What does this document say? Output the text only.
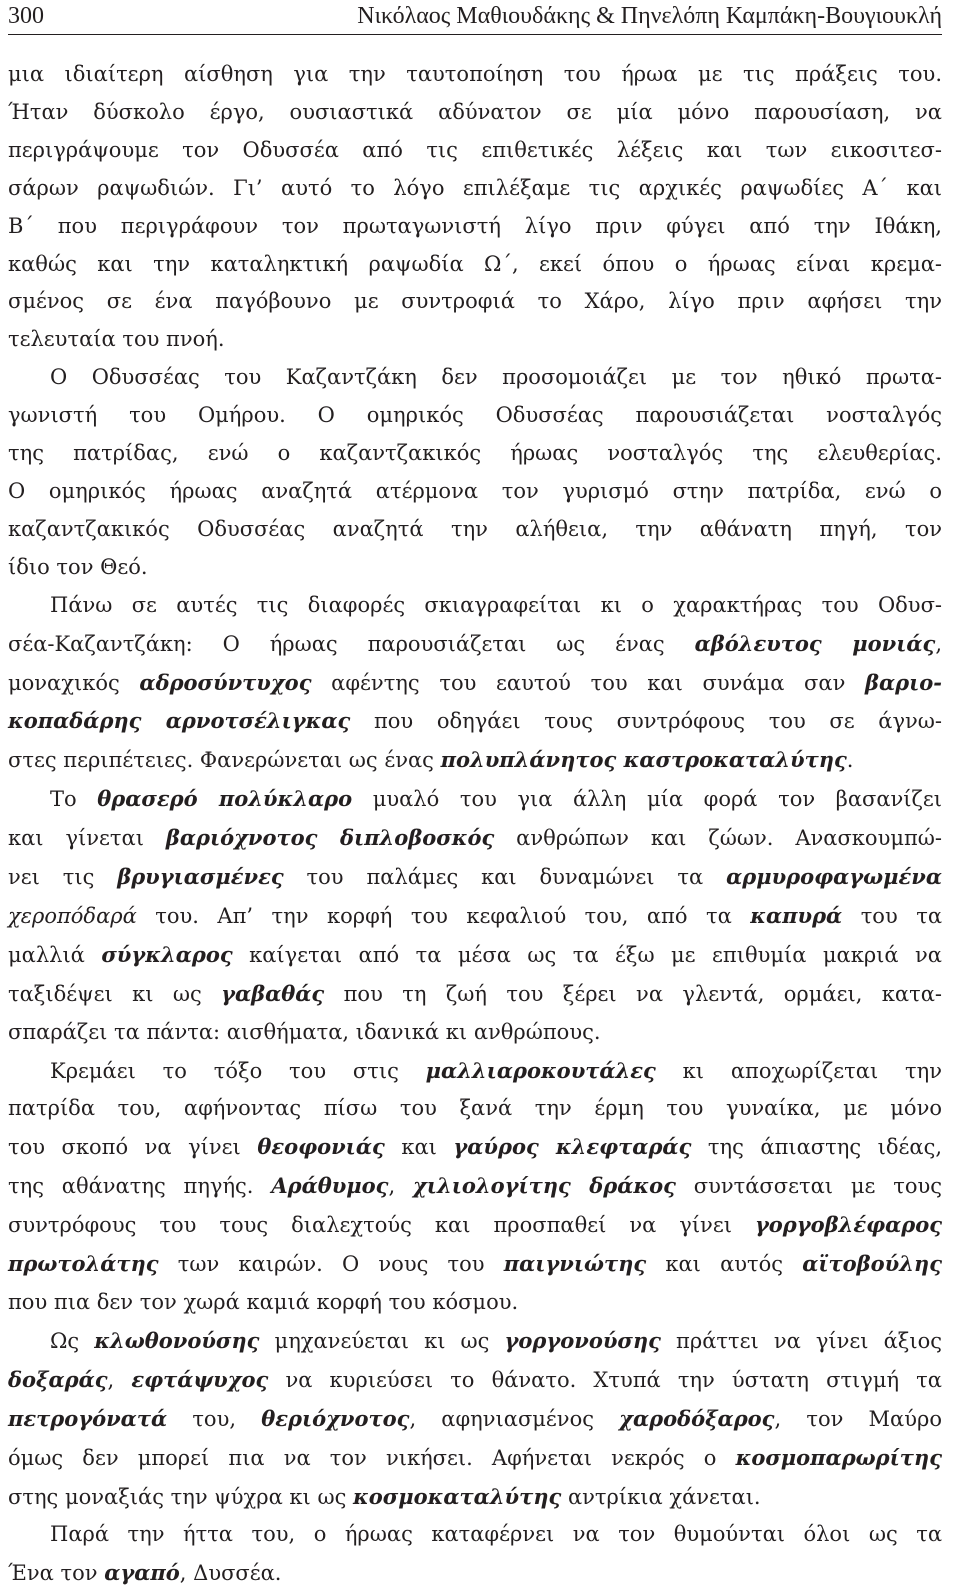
300	Νικόλαος Μαθιουδάκης & Πηνελόπη Καμπάκη-Βουγιουκλή

μια ιδιαίτερη αίσθηση για την ταυτοποίηση του ήρωα με τις πράξεις του.
Ήταν δύσκολο έργο, ουσιαστικά αδύνατον σε μία μόνο παρουσίαση, να
περιγράψουμε τον Οδυσσέα από τις επιθετικές λέξεις και των εικοσιτεσ-
σάρων ραψωδιών. Γι’ αυτό το λόγο επιλέξαμε τις αρχικές ραψωδίες Α΄ και
Β΄ που περιγράφουν τον πρωταγωνιστή λίγο πριν φύγει από την Ιθάκη,
καθώς και την καταληκτική ραψωδία Ω΄, εκεί όπου ο ήρωας είναι κρεμα-
σμένος σε ένα παγόβουνο με συντροφιά το Χάρο, λίγο πριν αφήσει την
τελευταία του πνοή.

Ο Οδυσσέας του Καζαντζάκη δεν προσομοιάζει με τον ηθικό πρωτα-
γωνιστή του Ομήρου. Ο ομηρικός Οδυσσέας παρουσιάζεται νοσταλγός
της πατρίδας, ενώ ο καζαντζακικός ήρωας νοσταλγός της ελευθερίας.
Ο ομηρικός ήρωας αναζητά ατέρμονα τον γυρισμό στην πατρίδα, ενώ ο
καζαντζακικός Οδυσσέας αναζητά την αλήθεια, την αθάνατη πηγή, τον
ίδιο τον Θεό.

Πάνω σε αυτές τις διαφορές σκιαγραφείται κι ο χαρακτήρας του Οδυσ-
σέα-Καζαντζάκη: Ο ήρωας παρουσιάζεται ως ένας αβόλευτος μονιάς,
μοναχικός αδροσύντυχος αφέντης του εαυτού του και συνάμα σαν βαριο-
κοπαδάρης αρνοτσέλιγκας που οδηγάει τους συντρόφους του σε άγνω-
στες περιπέτειες. Φανερώνεται ως ένας πολυπλάνητος καστροκαταλύτης.

Το θρασερό πολύκλαρο μυαλό του για άλλη μία φορά τον βασανίζει
και γίνεται βαριόχνοτος διπλοβοσκός ανθρώπων και ζώων. Ανασκουμπώ-
νει τις βρυγιασμένες του παλάμες και δυναμώνει τα αρμυροφαγωμένα
χεροπόδαρά του. Απ’ την κορφή του κεφαλιού του, από τα καπυρά του τα
μαλλιά σύγκλαρος καίγεται από τα μέσα ως τα έξω με επιθυμία μακριά να
ταξιδέψει κι ως γαβαθάς που τη ζωή του ξέρει να γλεντά, ορμάει, κατα-
σπαράζει τα πάντα: αισθήματα, ιδανικά κι ανθρώπους.

Κρεμάει το τόξο του στις μαλλιαροκουτάλες κι αποχωρίζεται την
πατρίδα του, αφήνοντας πίσω του ξανά την έρμη του γυναίκα, με μόνο
του σκοπό να γίνει θεοφονιάς και γαύρος κλεφταράς της άπιαστης ιδέας,
της αθάνατης πηγής. Αράθυμος, χιλιολογίτης δράκος συντάσσεται με τους
συντρόφους του τους διαλεχτούς και προσπαθεί να γίνει γοργοβλέφαρος
πρωτολάτης των καιρών. Ο νους του παιγνιώτης και αυτός αϊτοβούλης
που πια δεν τον χωρά καμιά κορφή του κόσμου.

Ως κλωθονούσης μηχανεύεται κι ως γοργονούσης πράττει να γίνει άξιος
δοξαράς, εφτάψυχος να κυριεύσει το θάνατο. Χτυπά την ύστατη στιγμή τα
πετρογόνατά του, θεριόχνοτος, αφηνιασμένος χαροδόξαρος, τον Μαύρο
όμως δεν μπορεί πια να τον νικήσει. Αφήνεται νεκρός ο κοσμοπαρωρίτης
στης μοναξιάς την ψύχρα κι ως κοσμοκαταλύτης αντρίκια χάνεται.

Παρά την ήττα του, ο ήρωας καταφέρνει να τον θυμούνται όλοι ως τα
Ένα τον αγαπό, Δυσσέα.
